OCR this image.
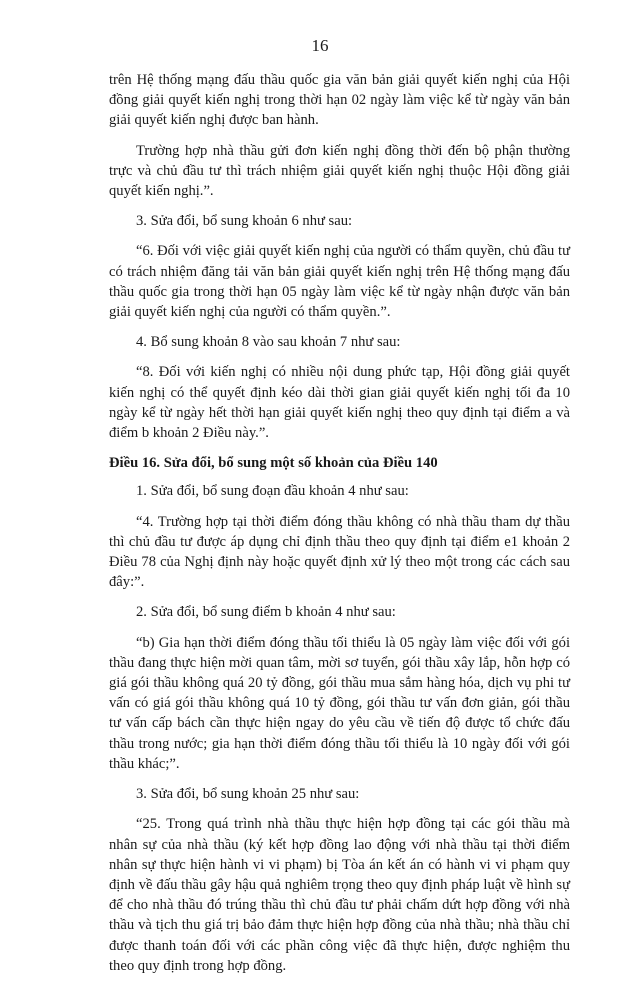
16

trên Hệ thống mạng đấu thầu quốc gia văn bản giải quyết kiến nghị của Hội đồng giải quyết kiến nghị trong thời hạn 02 ngày làm việc kể từ ngày văn bản giải quyết kiến nghị được ban hành.

Trường hợp nhà thầu gửi đơn kiến nghị đồng thời đến bộ phận thường trực và chủ đầu tư thì trách nhiệm giải quyết kiến nghị thuộc Hội đồng giải quyết kiến nghị.”.

3. Sửa đổi, bổ sung khoản 6 như sau:

“6. Đối với việc giải quyết kiến nghị của người có thẩm quyền, chủ đầu tư có trách nhiệm đăng tải văn bản giải quyết kiến nghị trên Hệ thống mạng đấu thầu quốc gia trong thời hạn 05 ngày làm việc kể từ ngày nhận được văn bản giải quyết kiến nghị của người có thẩm quyền.”.

4. Bổ sung khoản 8 vào sau khoản 7 như sau:

“8. Đối với kiến nghị có nhiều nội dung phức tạp, Hội đồng giải quyết kiến nghị có thể quyết định kéo dài thời gian giải quyết kiến nghị tối đa 10 ngày kể từ ngày hết thời hạn giải quyết kiến nghị theo quy định tại điểm a và điểm b khoản 2 Điều này.”.

Điều 16. Sửa đổi, bổ sung một số khoản của Điều 140

1. Sửa đổi, bổ sung đoạn đầu khoản 4 như sau:

“4. Trường hợp tại thời điểm đóng thầu không có nhà thầu tham dự thầu thì chủ đầu tư được áp dụng chỉ định thầu theo quy định tại điểm e1 khoản 2 Điều 78 của Nghị định này hoặc quyết định xử lý theo một trong các cách sau đây:”.

2. Sửa đổi, bổ sung điểm b khoản 4 như sau:

“b) Gia hạn thời điểm đóng thầu tối thiểu là 05 ngày làm việc đối với gói thầu đang thực hiện mời quan tâm, mời sơ tuyển, gói thầu xây lắp, hỗn hợp có giá gói thầu không quá 20 tỷ đồng, gói thầu mua sắm hàng hóa, dịch vụ phi tư vấn có giá gói thầu không quá 10 tỷ đồng, gói thầu tư vấn đơn giản, gói thầu tư vấn cấp bách cần thực hiện ngay do yêu cầu về tiến độ được tổ chức đấu thầu trong nước; gia hạn thời điểm đóng thầu tối thiểu là 10 ngày đối với gói thầu khác;”.

3. Sửa đổi, bổ sung khoản 25 như sau:

“25. Trong quá trình nhà thầu thực hiện hợp đồng tại các gói thầu mà nhân sự của nhà thầu (ký kết hợp đồng lao động với nhà thầu tại thời điểm nhân sự thực hiện hành vi vi phạm) bị Tòa án kết án có hành vi vi phạm quy định về đấu thầu gây hậu quả nghiêm trọng theo quy định pháp luật về hình sự để cho nhà thầu đó trúng thầu thì chủ đầu tư phải chấm dứt hợp đồng với nhà thầu và tịch thu giá trị bảo đảm thực hiện hợp đồng của nhà thầu; nhà thầu chỉ được thanh toán đối với các phần công việc đã thực hiện, được nghiệm thu theo quy định trong hợp đồng.
